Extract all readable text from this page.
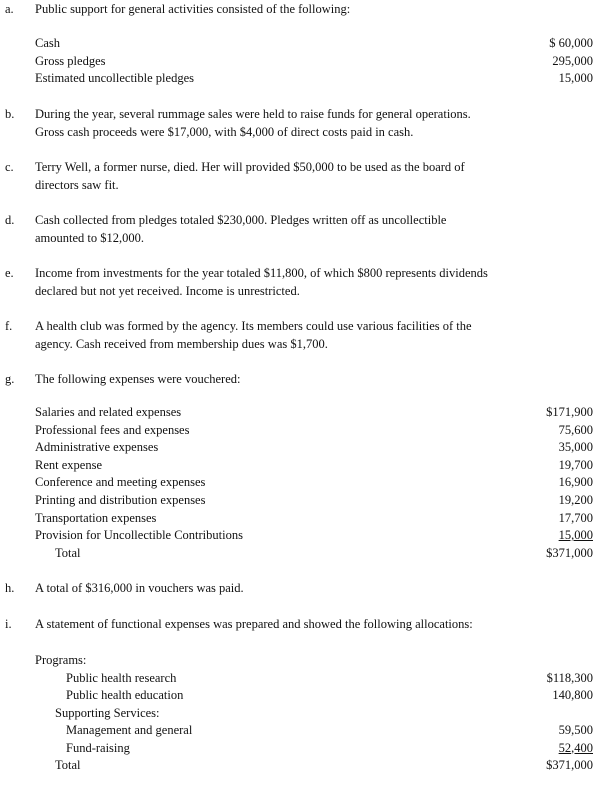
a. Public support for general activities consisted of the following:
Cash	$ 60,000
Gross pledges	295,000
Estimated uncollectible pledges	15,000
b. During the year, several rummage sales were held to raise funds for general operations.
Gross cash proceeds were $17,000, with $4,000 of direct costs paid in cash.
c. Terry Well, a former nurse, died. Her will provided $50,000 to be used as the board of
directors saw fit.
d. Cash collected from pledges totaled $230,000. Pledges written off as uncollectible
amounted to $12,000.
e. Income from investments for the year totaled $11,800, of which $800 represents dividends
declared but not yet received. Income is unrestricted.
f. A health club was formed by the agency. Its members could use various facilities of the
agency. Cash received from membership dues was $1,700.
g. The following expenses were vouchered:
Salaries and related expenses	$171,900
Professional fees and expenses	75,600
Administrative expenses	35,000
Rent expense	19,700
Conference and meeting expenses	16,900
Printing and distribution expenses	19,200
Transportation expenses	17,700
Provision for Uncollectible Contributions	15,000
Total	$371,000
h. A total of $316,000 in vouchers was paid.
i. A statement of functional expenses was prepared and showed the following allocations:
Programs:
Public health research	$118,300
Public health education	140,800
Supporting Services:
Management and general	59,500
Fund-raising	52,400
Total	$371,000
